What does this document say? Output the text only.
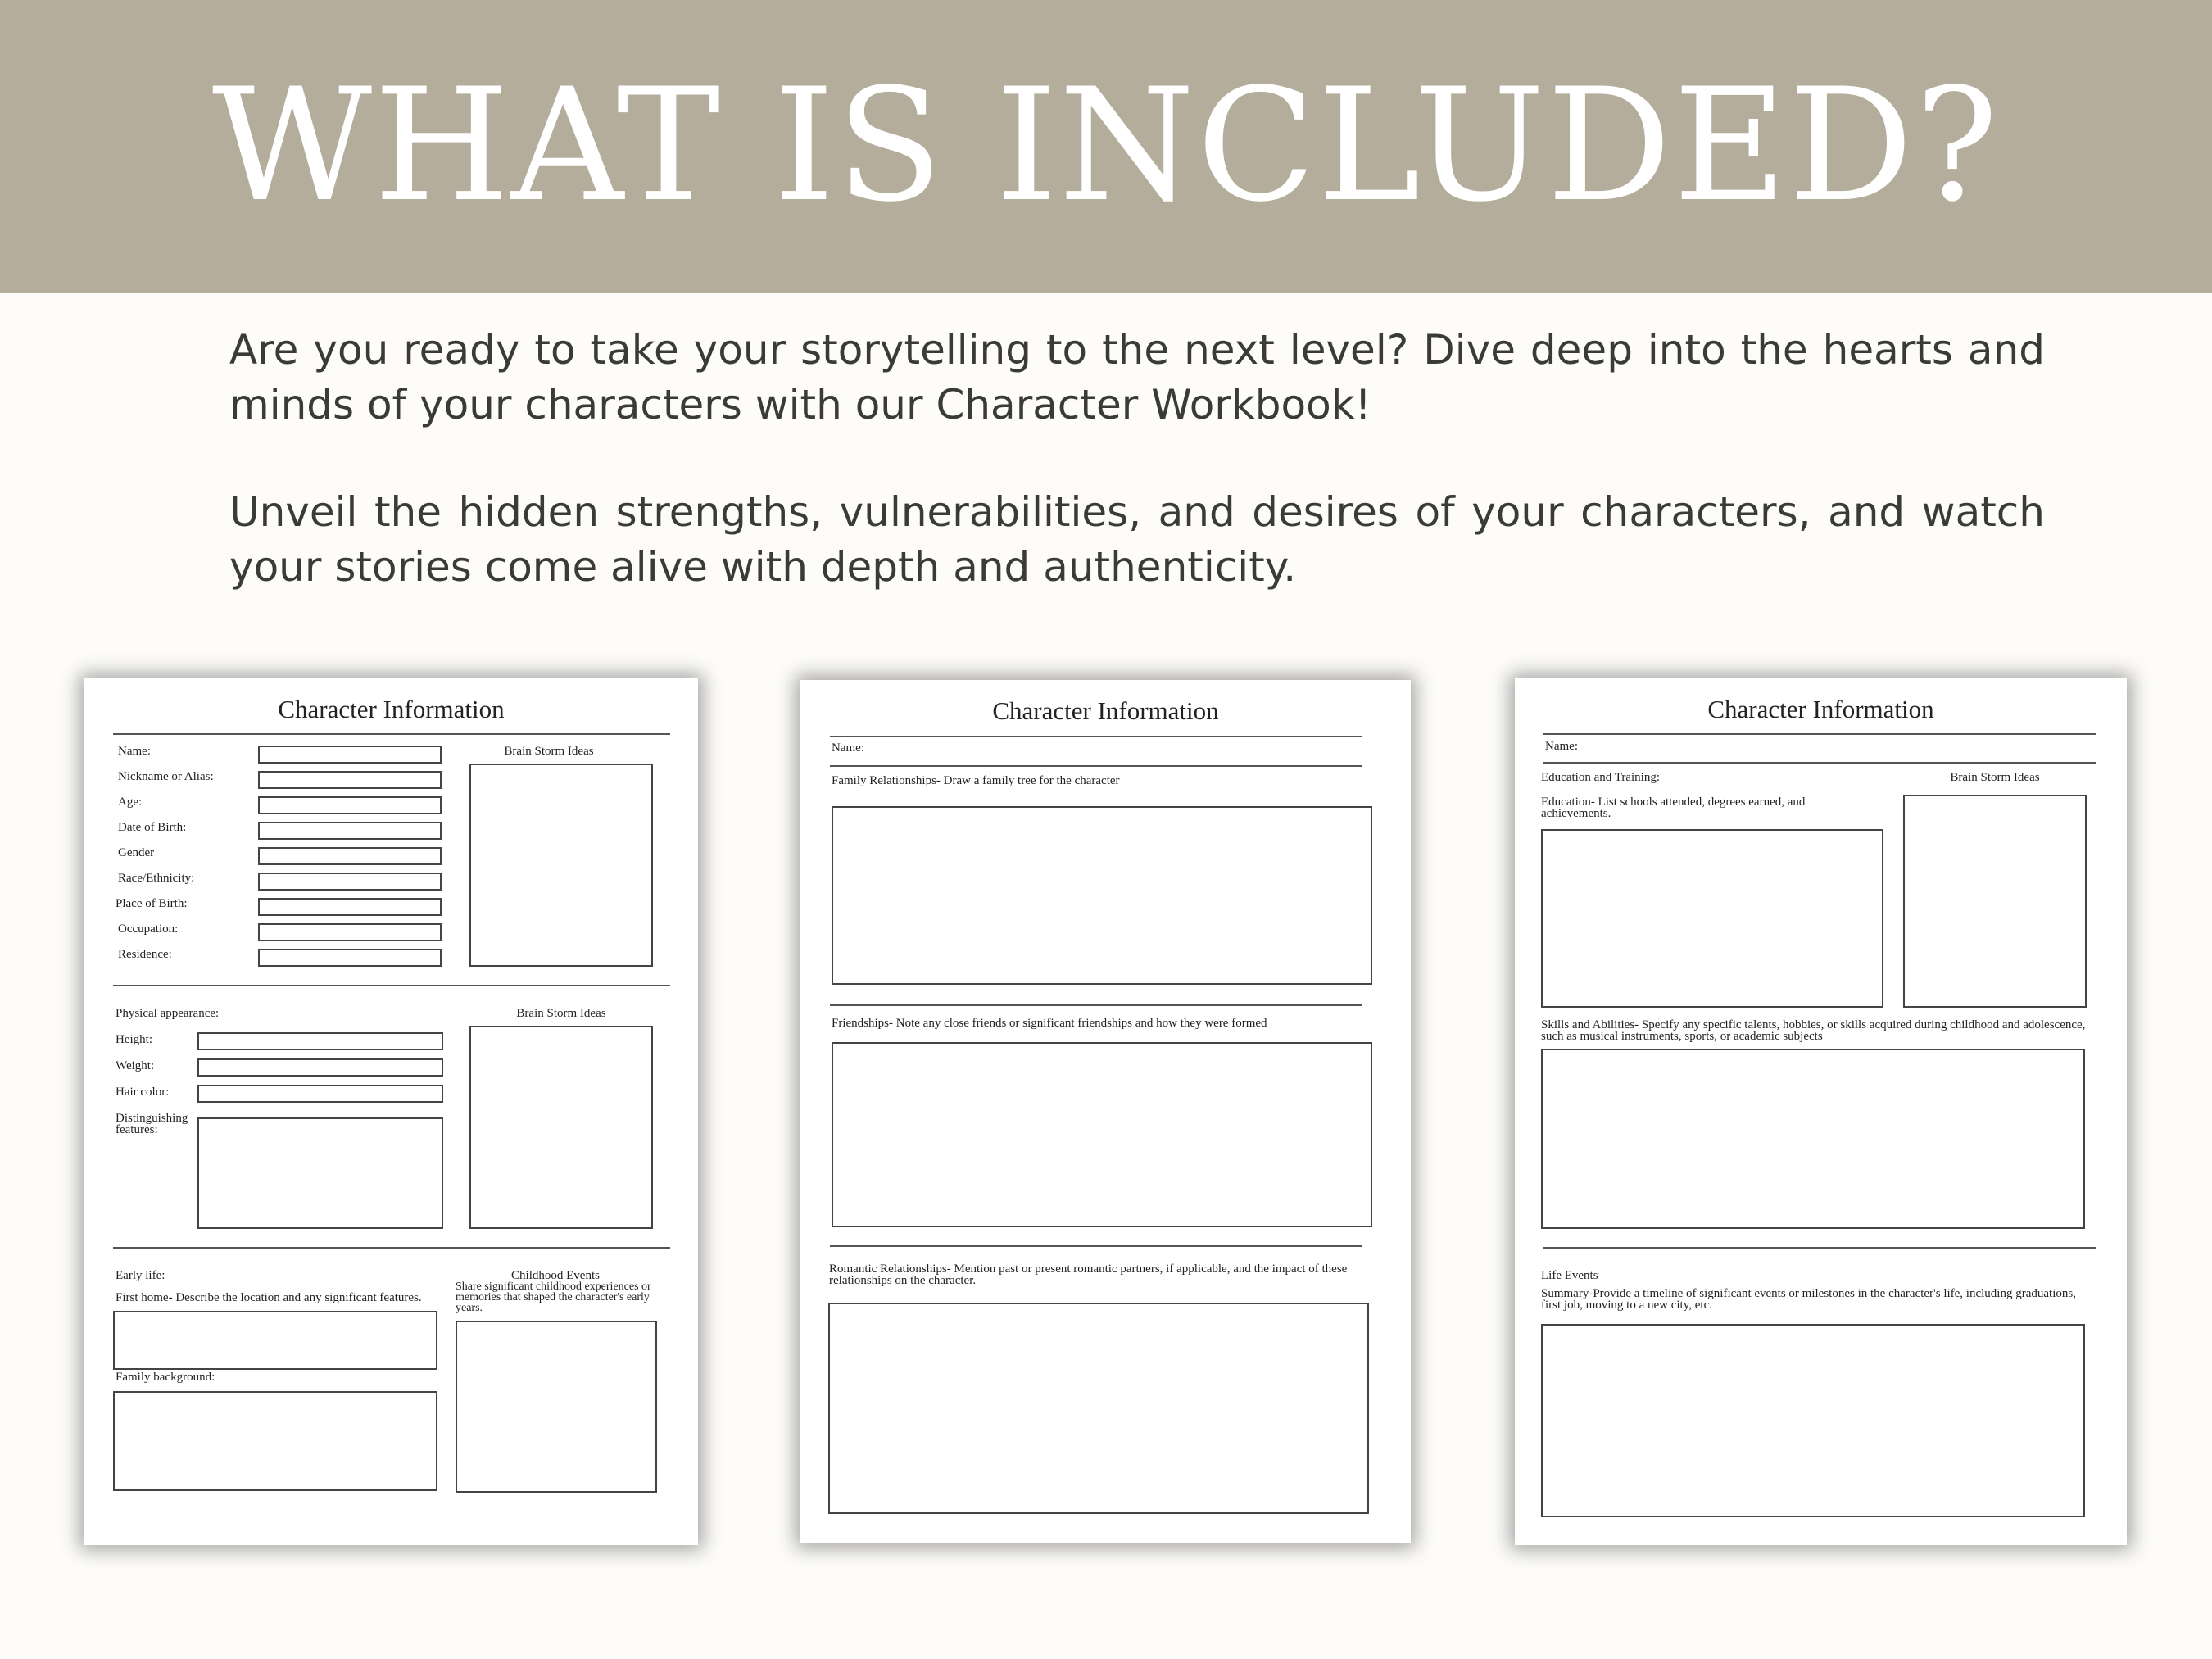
WHAT IS INCLUDED?
Are you ready to take your storytelling to the next level? Dive deep into the hearts and minds of your characters with our Character Workbook!
Unveil the hidden strengths, vulnerabilities, and desires of your characters, and watch your stories come alive with depth and authenticity.
Character Information
Name:
Nickname or Alias:
Age:
Date of Birth:
Gender
Race/Ethnicity:
Place of Birth:
Occupation:
Residence:
Brain Storm Ideas
Physical appearance:	Brain Storm Ideas
Height:
Weight:
Hair color:
Distinguishing features:
Early life:
First home- Describe the location and any significant features.
Family background:
Childhood Events
Share significant childhood experiences or memories that shaped the character's early years.
Character Information
Name:
Family Relationships- Draw a family tree for the character
Friendships- Note any close friends or significant friendships and how they were formed
Romantic Relationships- Mention past or present romantic partners, if applicable, and the impact of these relationships on the character.
Character Information
Name:
Education and Training:	Brain Storm Ideas
Education- List schools attended, degrees earned, and achievements.
Skills and Abilities- Specify any specific talents, hobbies, or skills acquired during childhood and adolescence, such as musical instruments, sports, or academic subjects
Life Events
Summary-Provide a timeline of significant events or milestones in the character's life, including graduations, first job, moving to a new city, etc.
